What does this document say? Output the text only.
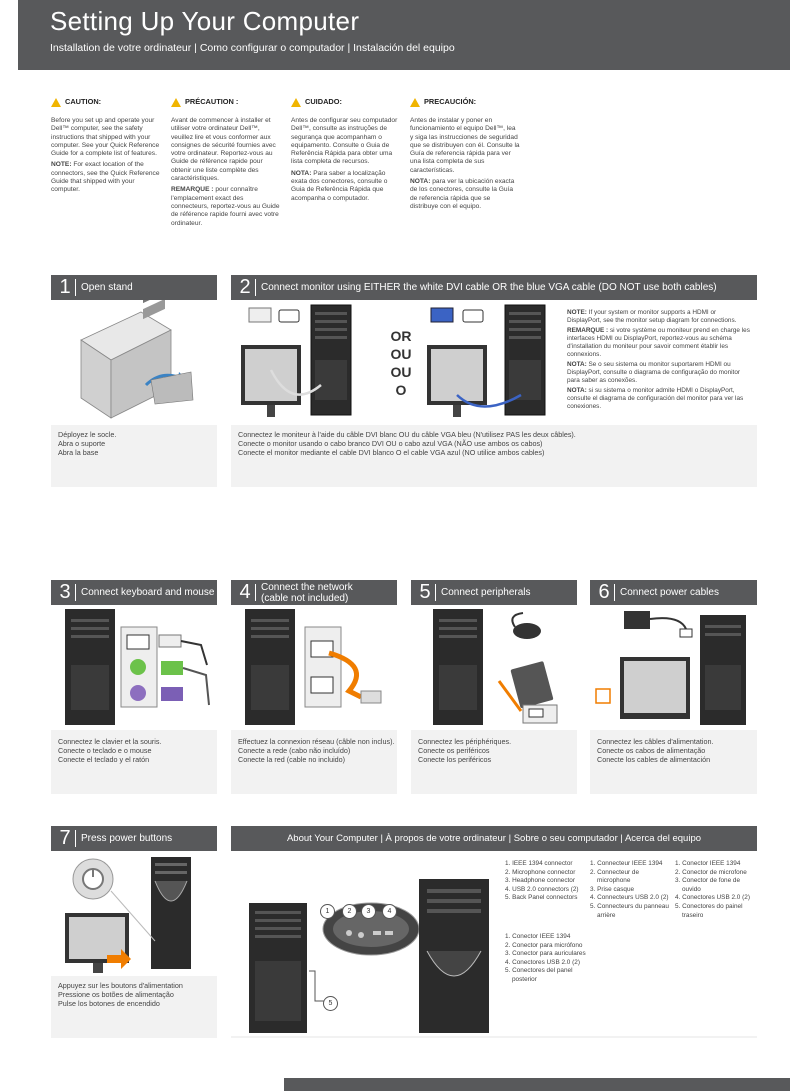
Setting Up Your Computer
Installation de votre ordinateur | Como configurar o computador | Instalación del equipo
CAUTION:

Before you set up and operate your Dell™ computer, see the safety instructions that shipped with your computer. See your Quick Reference Guide for a complete list of features.

NOTE: For exact location of the connectors, see the Quick Reference Guide that shipped with your computer.

PRÉCAUTION :

Avant de commencer à installer et utiliser votre ordinateur Dell™, veuillez lire et vous conformer aux consignes de sécurité fournies avec votre ordinateur. Reportez-vous au Guide de référence rapide pour obtenir une liste complète des caractéristiques.

REMARQUE : pour connaître l'emplacement exact des connecteurs, reportez-vous au Guide de référence rapide fourni avec votre ordinateur.

CUIDADO:

Antes de configurar seu computador Dell™, consulte as instruções de segurança que acompanham o equipamento. Consulte o Guia de Referência Rápida para obter uma lista completa de recursos.

NOTA: Para saber a localização exata dos conectores, consulte o Guia de Referência Rápida que acompanha o computador.

PRECAUCIÓN:

Antes de instalar y poner en funcionamiento el equipo Dell™, lea y siga las instrucciones de seguridad que se distribuyen con él. Consulte la Guía de referencia rápida para ver una lista completa de sus características.

NOTA: para ver la ubicación exacta de los conectores, consulte la Guía de referencia rápida que se distribuye con el equipo.

1 Open stand
Déployez le socle.
Abra o suporte
Abra la base
2 Connect monitor using EITHER the white DVI cable OR the blue VGA cable (DO NOT use both cables)
OR
OU
OU
O

NOTE: If your system or monitor supports a HDMI or DisplayPort, see the monitor setup diagram for connections.

REMARQUE : si votre système ou moniteur prend en charge les interfaces HDMI ou DisplayPort, reportez-vous au schéma d'installation du moniteur pour savoir comment établir les connexions.

NOTA: Se o seu sistema ou monitor suportarem HDMI ou DisplayPort, consulte o diagrama de configuração do monitor para saber as conexões.

NOTA: si su sistema o monitor admite HDMI o DisplayPort, consulte el diagrama de configuración del monitor para ver las conexiones.

Connectez le moniteur à l'aide du câble DVI blanc OU du câble VGA bleu (N'utilisez PAS les deux câbles).
Conecte o monitor usando o cabo branco DVI OU o cabo azul VGA (NÃO use ambos os cabos)
Conecte el monitor mediante el cable DVI blanco O el cable VGA azul (NO utilice ambos cables)
3 Connect keyboard and mouse
Connectez le clavier et la souris.
Conecte o teclado e o mouse
Conecte el teclado y el ratón
4 Connect the network
(cable not included)
Effectuez la connexion réseau (câble non inclus).
Conecte a rede (cabo não incluído)
Conecte la red (cable no incluido)
5 Connect peripherals
Connectez les périphériques.
Conecte os periféricos
Conecte los periféricos
6 Connect power cables
Connectez les câbles d'alimentation.
Conecte os cabos de alimentação
Conecte los cables de alimentación
7 Press power buttons
Appuyez sur les boutons d'alimentation
Pressione os botões de alimentação
Pulse los botones de encendido
About Your Computer | À propos de votre ordinateur | Sobre o seu computador | Acerca del equipo
1	2	3	4
5
1. IEEE 1394 connector
2. Microphone connector
3. Headphone connector
4. USB 2.0 connectors (2)
5. Back Panel connectors
1. Connecteur IEEE 1394
2. Connecteur de
microphone
3. Prise casque
4. Connecteurs USB 2.0 (2)
5. Connecteurs du panneau
arrière
1. Conector IEEE 1394
2. Conector de microfone
3. Conector de fone de
ouvido
4. Conectores USB 2.0 (2)
5. Conectores do painel
traseiro
1. Conector IEEE 1394
2. Conector para micrófono
3. Conector para auriculares
4. Conectores USB 2.0 (2)
5. Conectores del panel
posterior
